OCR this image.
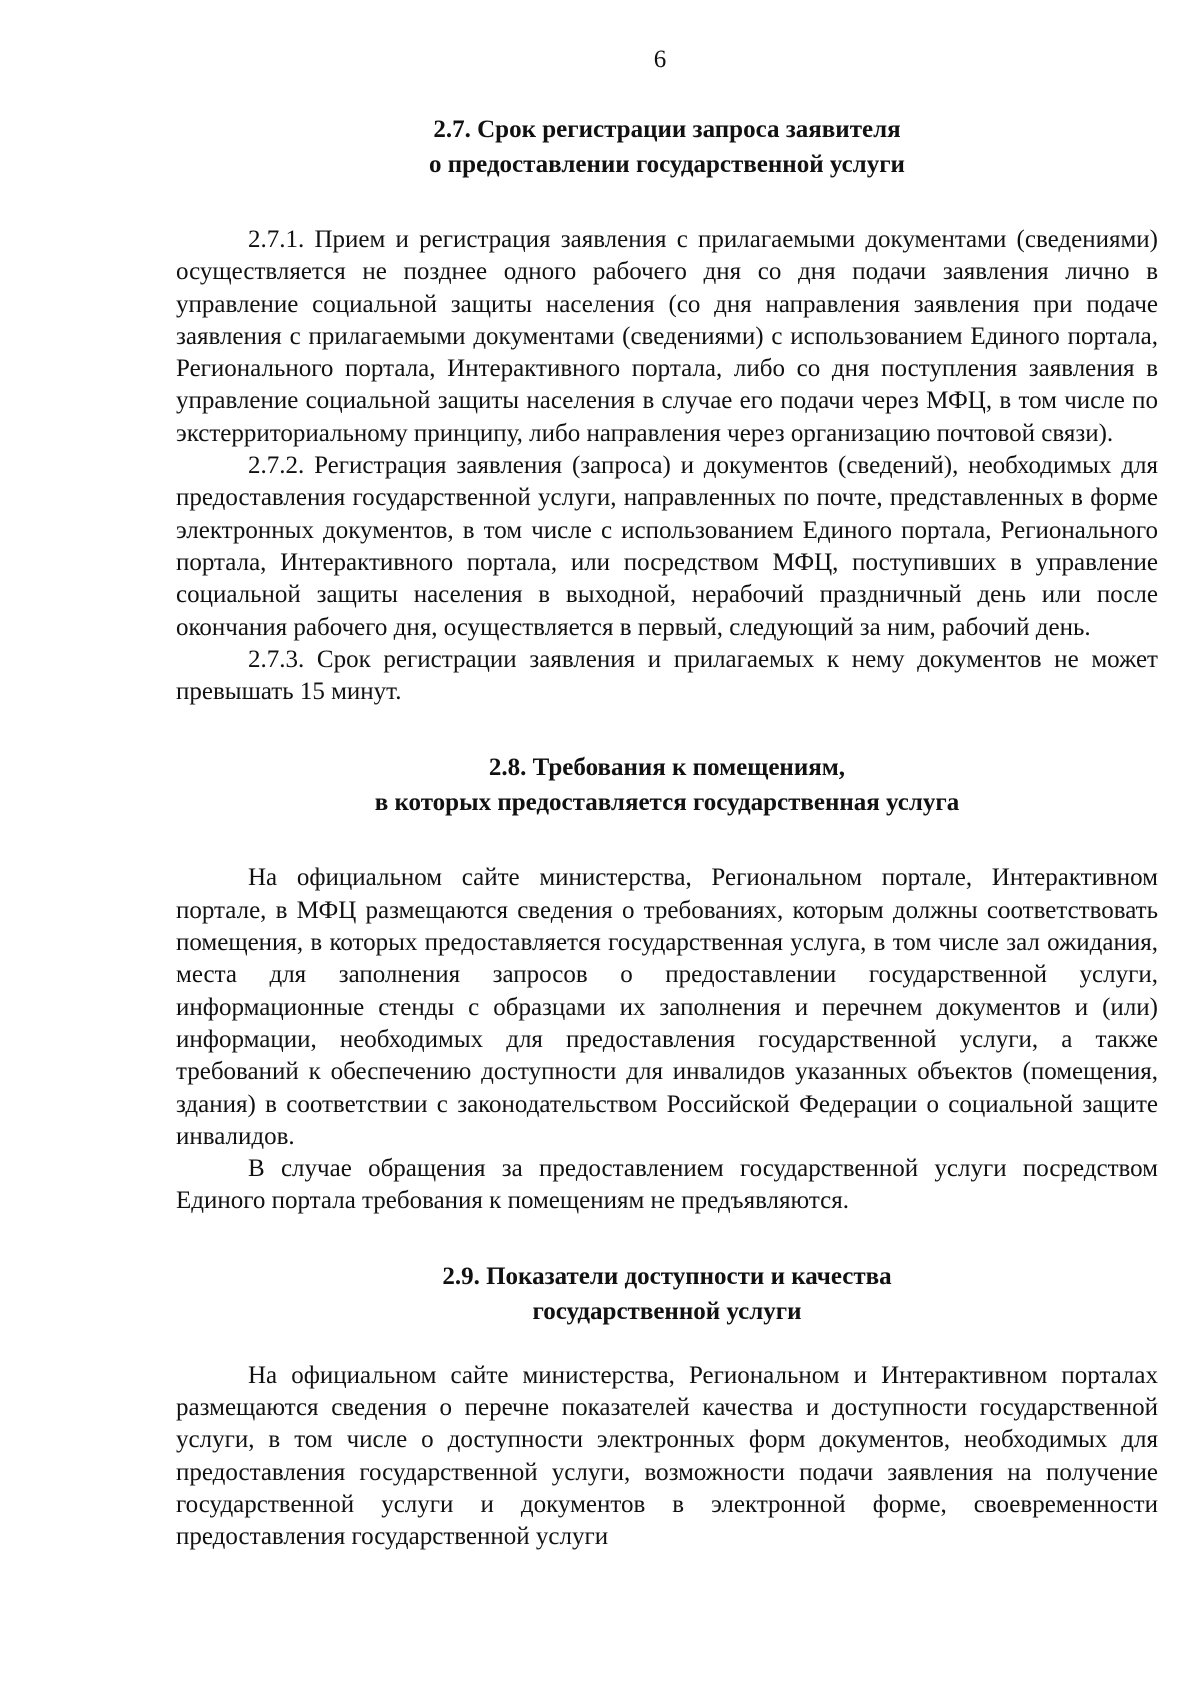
6
2.7. Срок регистрации запроса заявителя
о предоставлении государственной услуги

2.7.1. Прием и регистрация заявления с прилагаемыми документами (сведениями) осуществляется не позднее одного рабочего дня со дня подачи заявления лично в управление социальной защиты населения (со дня направления заявления при подаче заявления с прилагаемыми документами (сведениями) с использованием Единого портала, Регионального портала, Интерактивного портала, либо со дня поступления заявления в управление социальной защиты населения в случае его подачи через МФЦ, в том числе по экстерриториальному принципу, либо направления через организацию почтовой связи).

2.7.2. Регистрация заявления (запроса) и документов (сведений), необходимых для предоставления государственной услуги, направленных по почте, представленных в форме электронных документов, в том числе с использованием Единого портала, Регионального портала, Интерактивного портала, или посредством МФЦ, поступивших в управление социальной защиты населения в выходной, нерабочий праздничный день или после окончания рабочего дня, осуществляется в первый, следующий за ним, рабочий день.

2.7.3. Срок регистрации заявления и прилагаемых к нему документов не может превышать 15 минут.

2.8. Требования к помещениям,
в которых предоставляется государственная услуга

На официальном сайте министерства, Региональном портале, Интерактивном портале, в МФЦ размещаются сведения о требованиях, которым должны соответствовать помещения, в которых предоставляется государственная услуга, в том числе зал ожидания, места для заполнения запросов о предоставлении государственной услуги, информационные стенды с образцами их заполнения и перечнем документов и (или) информации, необходимых для предоставления государственной услуги, а также требований к обеспечению доступности для инвалидов указанных объектов (помещения, здания) в соответствии с законодательством Российской Федерации о социальной защите инвалидов.

В случае обращения за предоставлением государственной услуги посредством Единого портала требования к помещениям не предъявляются.

2.9. Показатели доступности и качества
государственной услуги

На официальном сайте министерства, Региональном и Интерактивном порталах размещаются сведения о перечне показателей качества и доступности государственной услуги, в том числе о доступности электронных форм документов, необходимых для предоставления государственной услуги, возможности подачи заявления на получение государственной услуги и документов в электронной форме, своевременности предоставления государственной услуги
